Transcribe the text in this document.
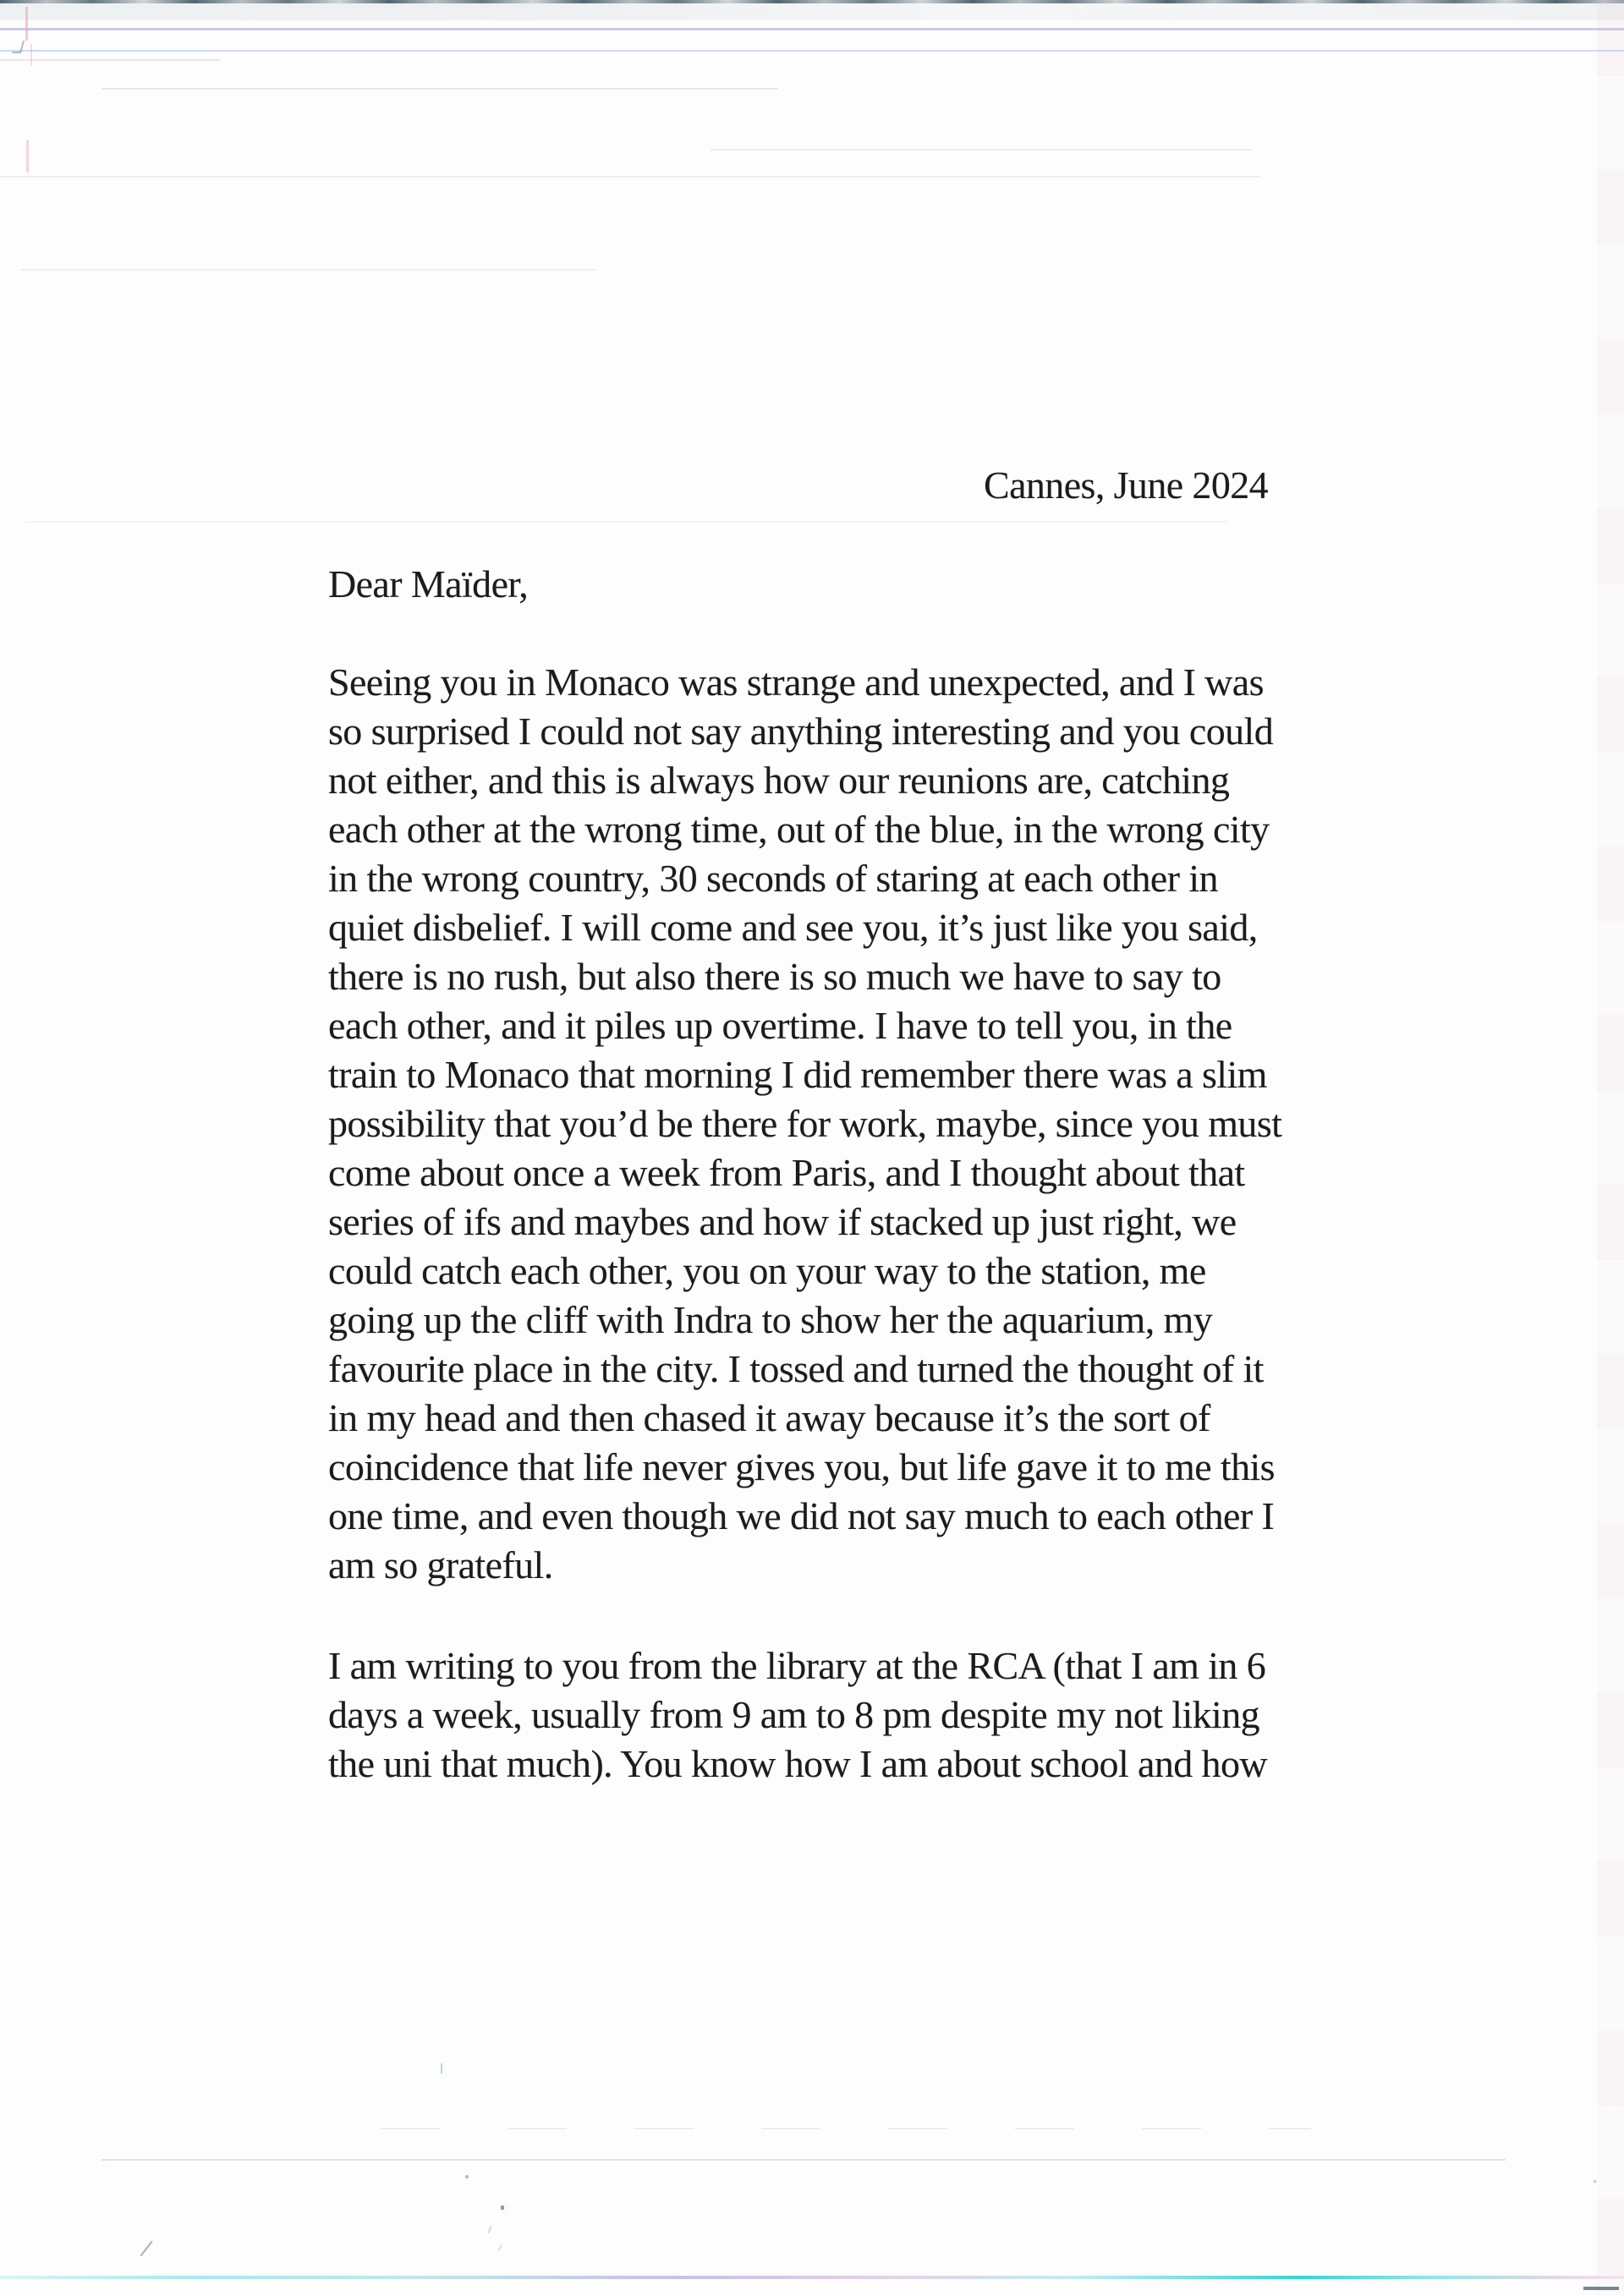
Cannes, June 2024
Dear Maïder,
Seeing you in Monaco was strange and unexpected, and I was
so surprised I could not say anything interesting and you could
not either, and this is always how our reunions are, catching
each other at the wrong time, out of the blue, in the wrong city
in the wrong country, 30 seconds of staring at each other in
quiet disbelief. I will come and see you, it’s just like you said,
there is no rush, but also there is so much we have to say to
each other, and it piles up overtime. I have to tell you, in the
train to Monaco that morning I did remember there was a slim
possibility that you’d be there for work, maybe, since you must
come about once a week from Paris, and I thought about that
series of ifs and maybes and how if stacked up just right, we
could catch each other, you on your way to the station, me
going up the cliff with Indra to show her the aquarium, my
favourite place in the city. I tossed and turned the thought of it
in my head and then chased it away because it’s the sort of
coincidence that life never gives you, but life gave it to me this
one time, and even though we did not say much to each other I
am so grateful.
I am writing to you from the library at the RCA (that I am in 6
days a week, usually from 9 am to 8 pm despite my not liking
the uni that much). You know how I am about school and how
